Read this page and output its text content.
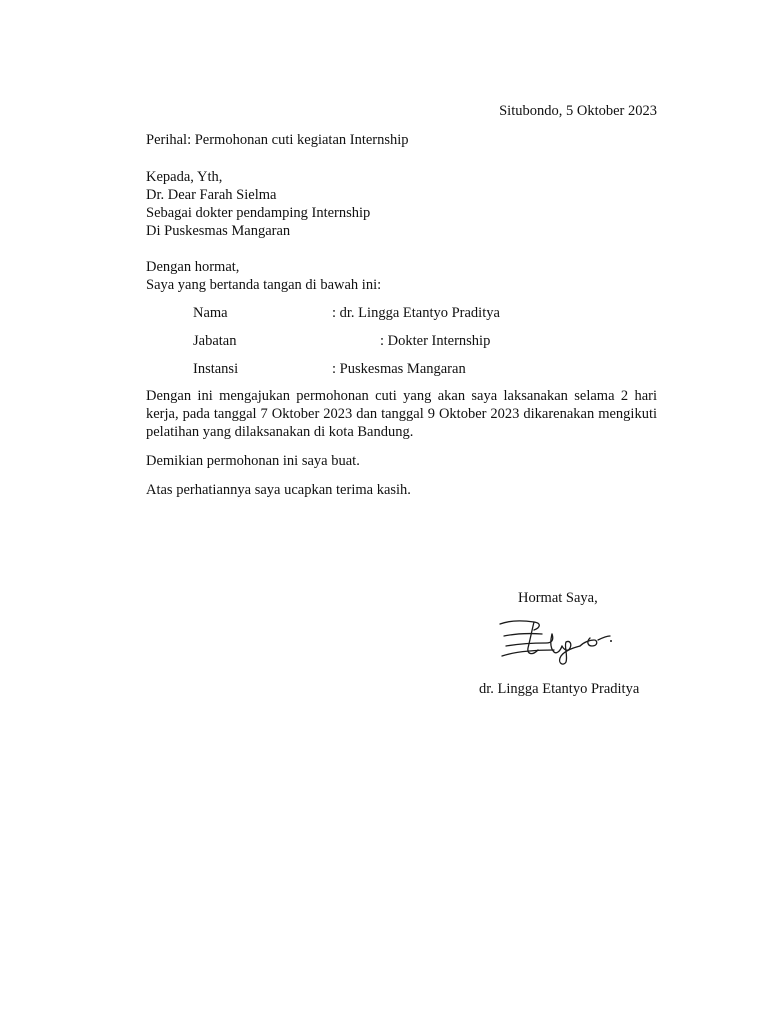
Situbondo, 5 Oktober 2023
Perihal: Permohonan cuti kegiatan Internship
Kepada, Yth,
Dr. Dear Farah Sielma
Sebagai dokter pendamping Internship
Di Puskesmas Mangaran
Dengan hormat,
Saya yang bertanda tangan di bawah ini:
Nama	: dr. Lingga Etantyo Praditya
Jabatan	: Dokter Internship
Instansi	: Puskesmas Mangaran
Dengan ini mengajukan permohonan cuti yang akan saya laksanakan selama 2 hari kerja, pada tanggal 7 Oktober 2023 dan tanggal 9 Oktober 2023 dikarenakan mengikuti pelatihan yang dilaksanakan di kota Bandung.
Demikian permohonan ini saya buat.
Atas perhatiannya saya ucapkan terima kasih.
Hormat Saya,
dr. Lingga Etantyo Praditya
